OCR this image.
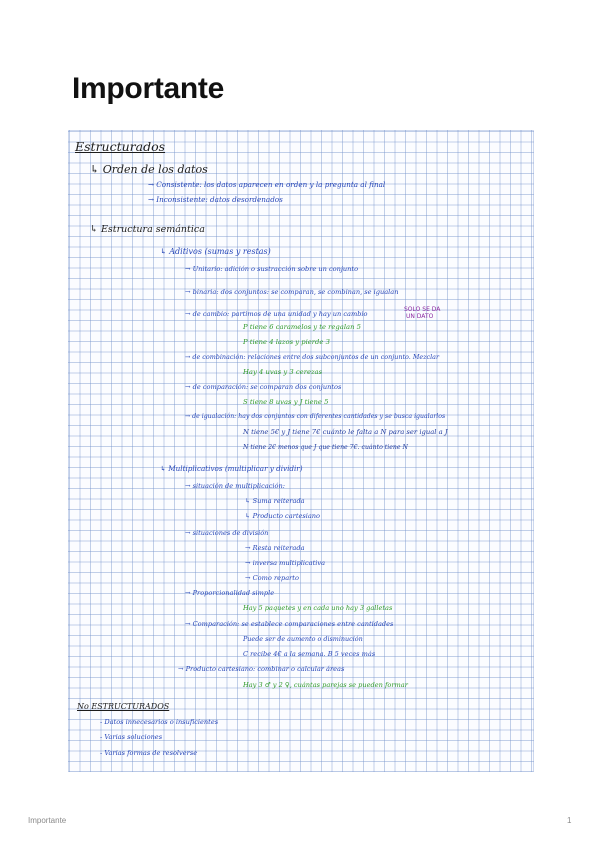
Importante
Estructurados
↳ Orden de los datos
→ Consistente: los datos aparecen en orden y la pregunta al final
→ Inconsistente: datos desordenados
↳ Estructura semántica
↳ Aditivos (sumas y restas)
→ Unitario: adición o sustracción sobre un conjunto
→ binaria: dos conjuntos: se comparan, se combinan, se igualan
→ de cambio: partimos de una unidad y hay un cambio
P tiene 6 caramelos y te regalan 5
P tiene 4 lazos y pierde 3
→ de combinación: relaciones entre dos subconjuntos de un conjunto. Mezclar
Hay 4 uvas y 3 cerezas
→ de comparación: se comparan dos conjuntos
S tiene 8 uvas y J tiene 5
→ de igualación: hay dos conjuntos con diferentes cantidades y se busca igualarlos
N tiene 5€ y J tiene 7€ cuánto le falta a N para ser igual a J
N tiene 2€ menos que J que tiene 7€. cuánto tiene N
↳ Multiplicativos (multiplicar y dividir)
→ situación de multiplicación:
↳ Suma reiterada
↳ Producto cartesiano
→ situaciones de división
→ Resta reiterada
→ inversa multiplicativa
→ Como reparto
→ Proporcionalidad simple
Hay 5 paquetes y en cada uno hay 3 galletas
→ Comparación: se establece comparaciones entre cantidades
Puede ser de aumento o disminución
C recibe 4€ a la semana. B 5 veces más
→ Producto cartesiano: combinar o calcular áreas
Hay 3 ♂ y 2 ♀, cuántas parejas se pueden formar
No ESTRUCTURADOS
- Datos innecesarios o insuficientes
- Varias soluciones
- Varias formas de resolverse
SOLO SE DA
UN DATO
Importante	1
